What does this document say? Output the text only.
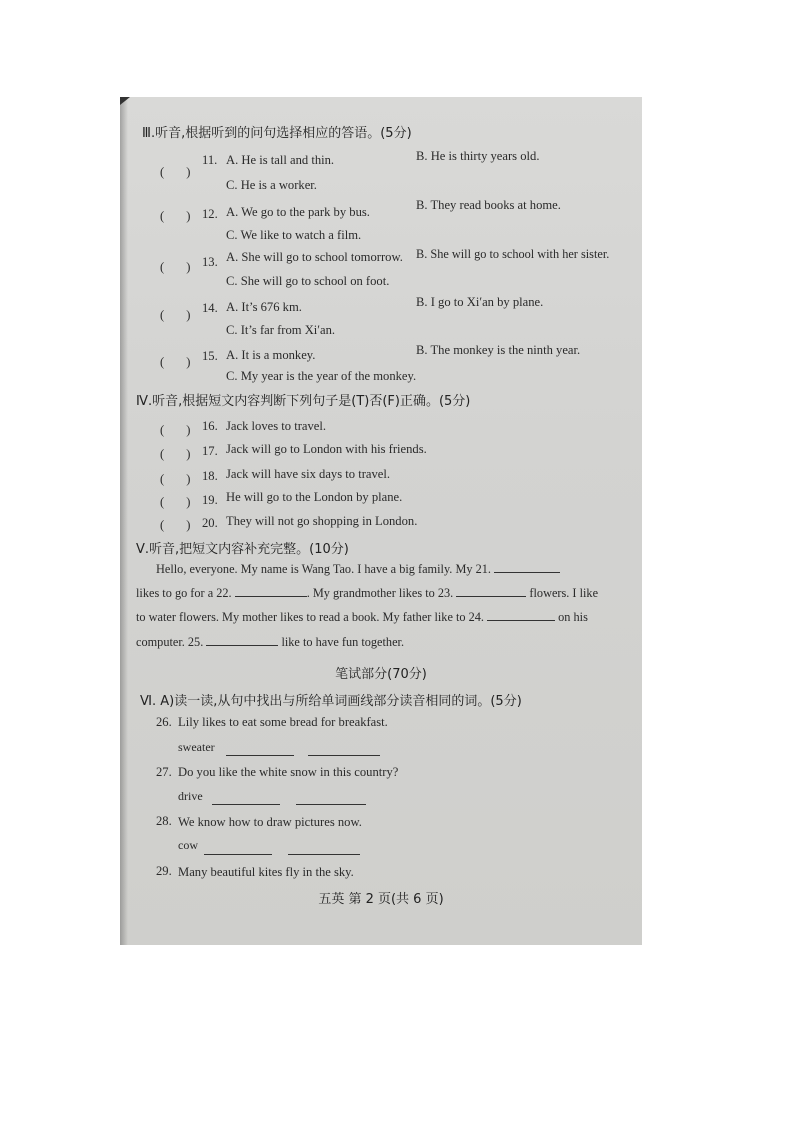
Ⅲ.听音,根据听到的问句选择相应的答语。(5分)
( )
11. A. He is tall and thin.	B. He is thirty years old.
C. He is a worker.
( ) 12. A. We go to the park by bus.	B. They read books at home.
C. We like to watch a film.
( ) 13. A. She will go to school tomorrow. B. She will go to school with her sister.
C. She will go to school on foot.
( ) 14. A. It’s 676 km.	B. I go to Xi′an by plane.
C. It’s far from Xi′an.
( ) 15. A. It is a monkey.	B. The monkey is the ninth year.
C. My year is the year of the monkey.
Ⅳ.听音,根据短文内容判断下列句子是(T)否(F)正确。(5分)
( ) 16. Jack loves to travel.
( ) 17. Jack will go to London with his friends.
( ) 18. Jack will have six days to travel.
( ) 19. He will go to the London by plane.
( ) 20. They will not go shopping in London.
Ⅴ.听音,把短文内容补充完整。(10分)
Hello, everyone. My name is Wang Tao. I have a big family. My 21.
likes to go for a 22.	. My grandmother likes to 23.	flowers. I like
to water flowers. My mother likes to read a book. My father like to 24.	on his
computer. 25.	like to have fun together.
笔试部分(70分)
Ⅵ. A)读一读,从句中找出与所给单词画线部分读音相同的词。(5分)
26. Lily likes to eat some bread for breakfast.
sweater
27. Do you like the white snow in this country?
drive
28. We know how to draw pictures now.
cow
29. Many beautiful kites fly in the sky.
五英 第 2 页(共 6 页)
